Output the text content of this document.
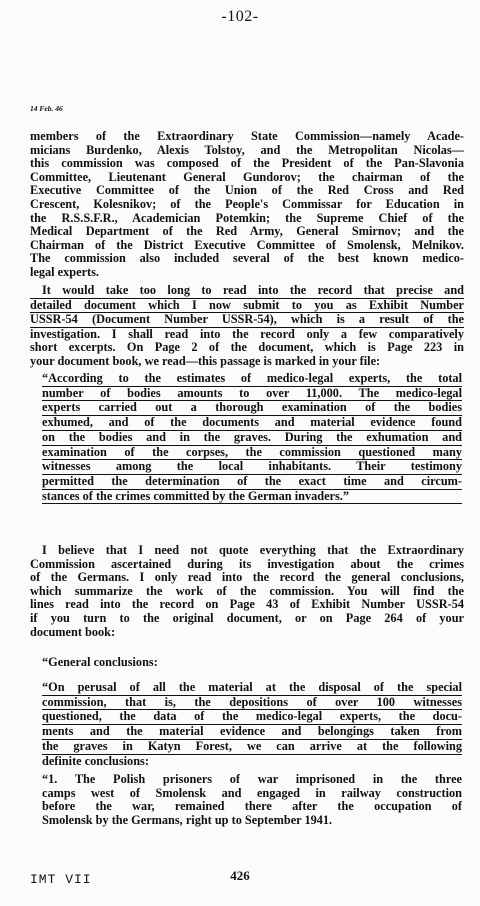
-102-
14 Feb. 46
members of the Extraordinary State Commission—namely Acade-
micians Burdenko, Alexis Tolstoy, and the Metropolitan Nicolas—
this commission was composed of the President of the Pan-Slavonia
Committee, Lieutenant General Gundorov; the chairman of the
Executive Committee of the Union of the Red Cross and Red
Crescent, Kolesnikov; of the People's Commissar for Education in
the R.S.S.F.R., Academician Potemkin; the Supreme Chief of the
Medical Department of the Red Army, General Smirnov; and the
Chairman of the District Executive Committee of Smolensk, Melnikov.
The commission also included several of the best known medico-
legal experts.
It would take too long to read into the record that precise and
detailed document which I now submit to you as Exhibit Number
USSR-54 (Document Number USSR-54), which is a result of the
investigation. I shall read into the record only a few comparatively
short excerpts. On Page 2 of the document, which is Page 223 in
your document book, we read—this passage is marked in your file:
“According to the estimates of medico-legal experts, the total
number of bodies amounts to over 11,000. The medico-legal
experts carried out a thorough examination of the bodies
exhumed, and of the documents and material evidence found
on the bodies and in the graves. During the exhumation and
examination of the corpses, the commission questioned many
witnesses among the local inhabitants. Their testimony
permitted the determination of the exact time and circum-
stances of the crimes committed by the German invaders.”
I believe that I need not quote everything that the Extraordinary
Commission ascertained during its investigation about the crimes
of the Germans. I only read into the record the general conclusions,
which summarize the work of the commission. You will find the
lines read into the record on Page 43 of Exhibit Number USSR-54
if you turn to the original document, or on Page 264 of your
document book:
“General conclusions:
“On perusal of all the material at the disposal of the special
commission, that is, the depositions of over 100 witnesses
questioned, the data of the medico-legal experts, the docu-
ments and the material evidence and belongings taken from
the graves in Katyn Forest, we can arrive at the following
definite conclusions:
“1. The Polish prisoners of war imprisoned in the three
camps west of Smolensk and engaged in railway construction
before the war, remained there after the occupation of
Smolensk by the Germans, right up to September 1941.
IMT VII	426
